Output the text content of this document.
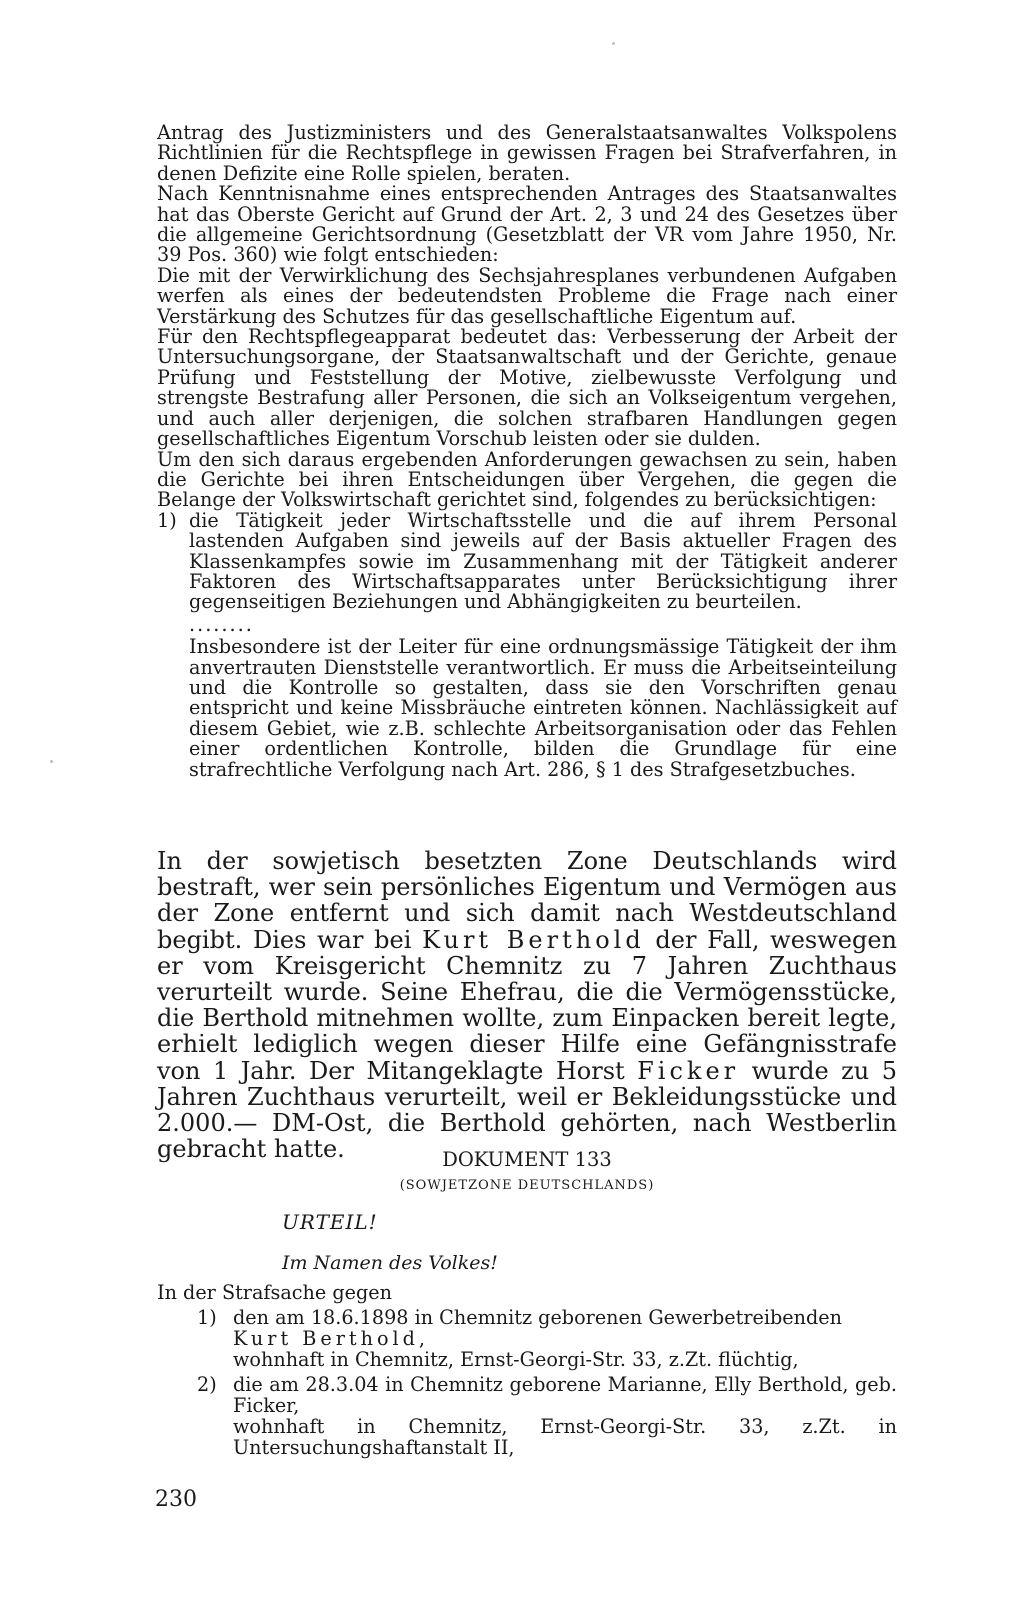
Antrag des Justizministers und des Generalstaatsanwaltes Volkspolens Richtlinien für die Rechtspflege in gewissen Fragen bei Strafverfahren, in denen Defizite eine Rolle spielen, beraten.

Nach Kenntnisnahme eines entsprechenden Antrages des Staatsanwaltes hat das Oberste Gericht auf Grund der Art. 2, 3 und 24 des Gesetzes über die allgemeine Gerichtsordnung (Gesetzblatt der VR vom Jahre 1950, Nr. 39 Pos. 360) wie folgt entschieden:

Die mit der Verwirklichung des Sechsjahresplanes verbundenen Aufgaben werfen als eines der bedeutendsten Probleme die Frage nach einer Verstärkung des Schutzes für das gesellschaftliche Eigentum auf.

Für den Rechtspflegeapparat bedeutet das: Verbesserung der Arbeit der Untersuchungsorgane, der Staatsanwaltschaft und der Gerichte, genaue Prüfung und Feststellung der Motive, zielbewusste Verfolgung und strengste Bestrafung aller Personen, die sich an Volkseigentum vergehen, und auch aller derjenigen, die solchen strafbaren Handlungen gegen gesellschaftliches Eigentum Vorschub leisten oder sie dulden.

Um den sich daraus ergebenden Anforderungen gewachsen zu sein, haben die Gerichte bei ihren Entscheidungen über Vergehen, die gegen die Belange der Volkswirtschaft gerichtet sind, folgendes zu berücksichtigen:

1) die Tätigkeit jeder Wirtschaftsstelle und die auf ihrem Personal lastenden Aufgaben sind jeweils auf der Basis aktueller Fragen des Klassenkampfes sowie im Zusammenhang mit der Tätigkeit anderer Faktoren des Wirtschaftsapparates unter Berücksichtigung ihrer gegenseitigen Beziehungen und Abhängigkeiten zu beurteilen.
........
Insbesondere ist der Leiter für eine ordnungsmässige Tätigkeit der ihm anvertrauten Dienststelle verantwortlich. Er muss die Arbeitseinteilung und die Kontrolle so gestalten, dass sie den Vorschriften genau entspricht und keine Missbräuche eintreten können. Nachlässigkeit auf diesem Gebiet, wie z.B. schlechte Arbeitsorganisation oder das Fehlen einer ordentlichen Kontrolle, bilden die Grundlage für eine strafrechtliche Verfolgung nach Art. 286, § 1 des Strafgesetzbuches.
In der sowjetisch besetzten Zone Deutschlands wird bestraft, wer sein persönliches Eigentum und Vermögen aus der Zone entfernt und sich damit nach Westdeutschland begibt. Dies war bei Kurt Berthold der Fall, weswegen er vom Kreisgericht Chemnitz zu 7 Jahren Zuchthaus verurteilt wurde. Seine Ehefrau, die die Vermögensstücke, die Berthold mitnehmen wollte, zum Einpacken bereit legte, erhielt lediglich wegen dieser Hilfe eine Gefängnisstrafe von 1 Jahr. Der Mitangeklagte Horst Ficker wurde zu 5 Jahren Zuchthaus verurteilt, weil er Bekleidungsstücke und 2.000.— DM-Ost, die Berthold gehörten, nach Westberlin gebracht hatte.	DOKUMENT 133
(SOWJETZONE DEUTSCHLANDS)
URTEIL!
Im Namen des Volkes!

In der Strafsache gegen

1) den am 18.6.1898 in Chemnitz geborenen Gewerbetreibenden
Kurt Berthold,
wohnhaft in Chemnitz, Ernst-Georgi-Str. 33, z.Zt. flüchtig,
2) die am 28.3.04 in Chemnitz geborene Marianne, Elly Berthold, geb. Ficker,
wohnhaft in Chemnitz, Ernst-Georgi-Str. 33, z.Zt. in Untersuchungshaftanstalt II,
230
